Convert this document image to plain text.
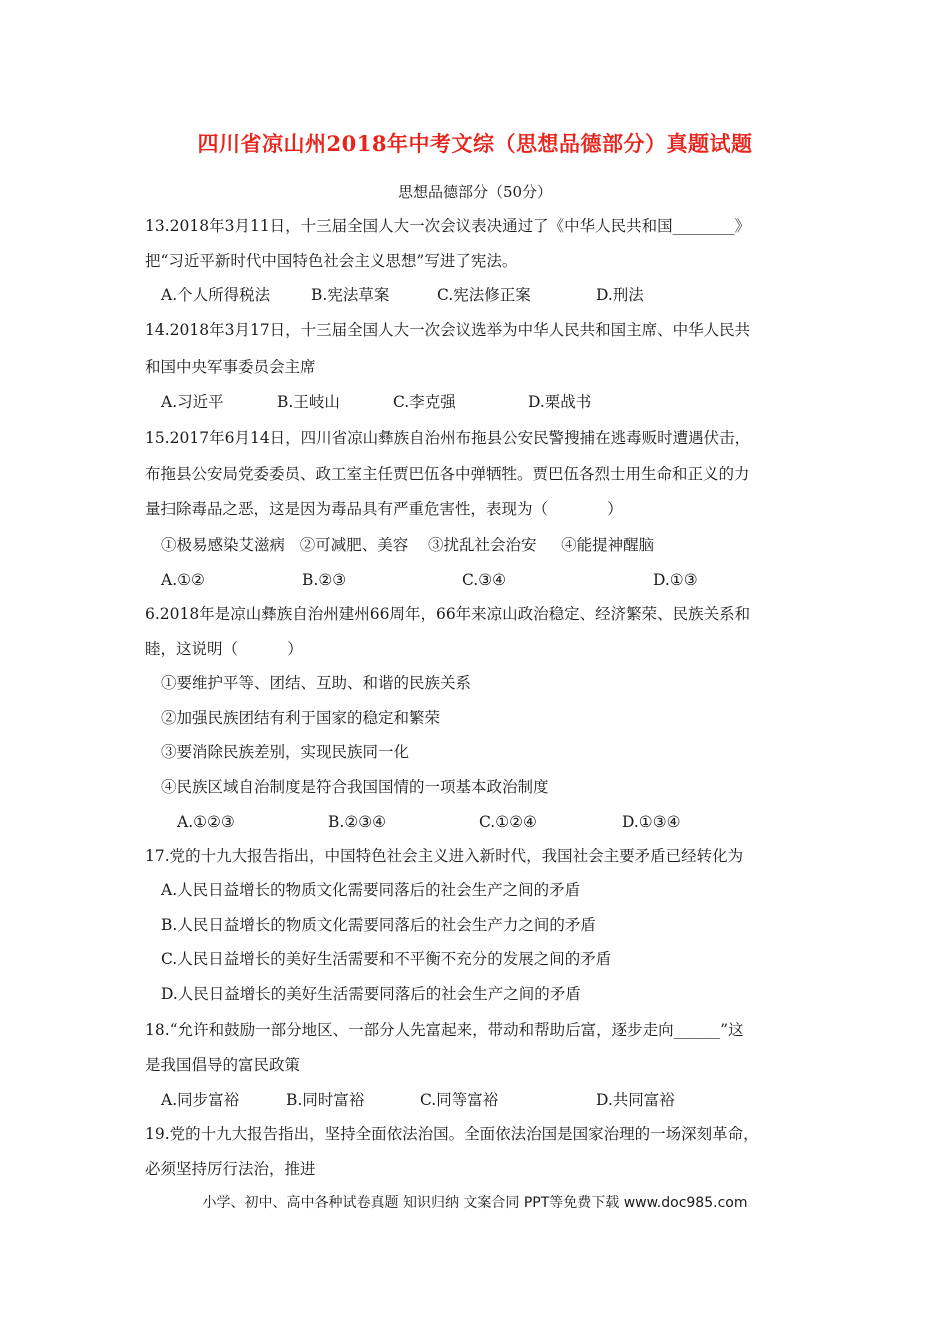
四川省凉山州2018年中考文综（思想品德部分）真题试题
思想品德部分（50分）
13.2018年3月11日，十三届全国人大一次会议表决通过了《中华人民共和国________》
把“习近平新时代中国特色社会主义思想”写进了宪法。
A.个人所得税法	B.宪法草案	C.宪法修正案	D.刑法
14.2018年3月17日，十三届全国人大一次会议选举为中华人民共和国主席、中华人民共
和国中央军事委员会主席
A.习近平	B.王岐山	C.李克强	D.栗战书
15.2017年6月14日，四川省凉山彝族自治州布拖县公安民警搜捕在逃毒贩时遭遇伏击，
布拖县公安局党委委员、政工室主任贾巴伍各中弹牺牲。贾巴伍各烈士用生命和正义的力
量扫除毒品之恶，这是因为毒品具有严重危害性，表现为（            ）
①极易感染艾滋病   ②可减肥、美容    ③扰乱社会治安     ④能提神醒脑
A.①②	B.②③	C.③④	D.①③
6.2018年是凉山彝族自治州建州66周年，66年来凉山政治稳定、经济繁荣、民族关系和
睦，这说明（          ）
①要维护平等、团结、互助、和谐的民族关系
②加强民族团结有利于国家的稳定和繁荣
③要消除民族差别，实现民族同一化
④民族区域自治制度是符合我国国情的一项基本政治制度
A.①②③	B.②③④	C.①②④	D.①③④
17.党的十九大报告指出，中国特色社会主义进入新时代，我国社会主要矛盾已经转化为
A.人民日益增长的物质文化需要同落后的社会生产之间的矛盾
B.人民日益增长的物质文化需要同落后的社会生产力之间的矛盾
C.人民日益增长的美好生活需要和不平衡不充分的发展之间的矛盾
D.人民日益增长的美好生活需要同落后的社会生产之间的矛盾
18.“允许和鼓励一部分地区、一部分人先富起来，带动和帮助后富，逐步走向______”这
是我国倡导的富民政策
A.同步富裕	B.同时富裕	C.同等富裕	D.共同富裕
19.党的十九大报告指出，坚持全面依法治国。全面依法治国是国家治理的一场深刻革命，
必须坚持厉行法治，推进
小学、初中、高中各种试卷真题 知识归纳 文案合同 PPT等免费下载 www.doc985.com
